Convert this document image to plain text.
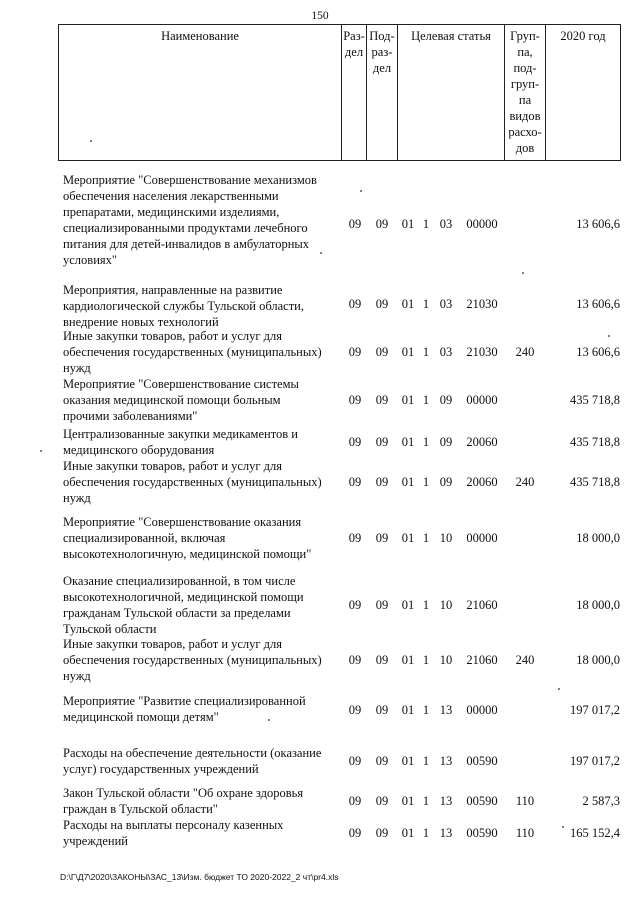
150
Наименование	Раз-
дел	Под-
раз-
дел	Целевая статья	Груп-
па,
под-
груп-
па
видов
расхо-
дов	2020 год
Мероприятие "Совершенствование механизмов
обеспечения населения лекарственными
препаратами, медицинскими изделиями,
специализированными продуктами лечебного
питания для детей-инвалидов в амбулаторных
условиях"
09	09	01 1 03	00000	13 606,6
Мероприятия, направленные на развитие
кардиологической службы Тульской области,
внедрение новых технологий
09	09	01 1 03	21030	13 606,6
Иные закупки товаров, работ и услуг для
обеспечения государственных (муниципальных)
нужд
09	09	01 1 03	21030	240	13 606,6
Мероприятие "Совершенствование системы
оказания медицинской помощи больным
прочими заболеваниями"
09	09	01 1 09	00000	435 718,8
Централизованные закупки медикаментов и
медицинского оборудования
09	09	01 1 09	20060	435 718,8
Иные закупки товаров, работ и услуг для
обеспечения государственных (муниципальных)
нужд
09	09	01 1 09	20060	240	435 718,8
Мероприятие "Совершенствование оказания
специализированной, включая
высокотехнологичную, медицинской помощи"
09	09	01 1 10	00000	18 000,0
Оказание специализированной, в том числе
высокотехнологичной, медицинской помощи
гражданам Тульской области за пределами
Тульской области
09	09	01 1 10	21060	18 000,0
Иные закупки товаров, работ и услуг для
обеспечения государственных (муниципальных)
нужд
09	09	01 1 10	21060	240	18 000,0
Мероприятие "Развитие специализированной
медицинской помощи детям"	09	09	01 1 13	00000	197 017,2
Расходы на обеспечение деятельности (оказание
услуг) государственных учреждений
09	09	01 1 13	00590	197 017,2
Закон Тульской области "Об охране здоровья
граждан в Тульской области"
09	09	01 1 13	00590	110	2 587,3
Расходы на выплаты персоналу казенных
учреждений
09	09	01 1 13	00590	110	165 152,4
D:\Г\Д7\2020\ЗАКОНЫ\ЗАС_13\Изм. бюджет ТО 2020-2022_2 чт\pr4.xls
